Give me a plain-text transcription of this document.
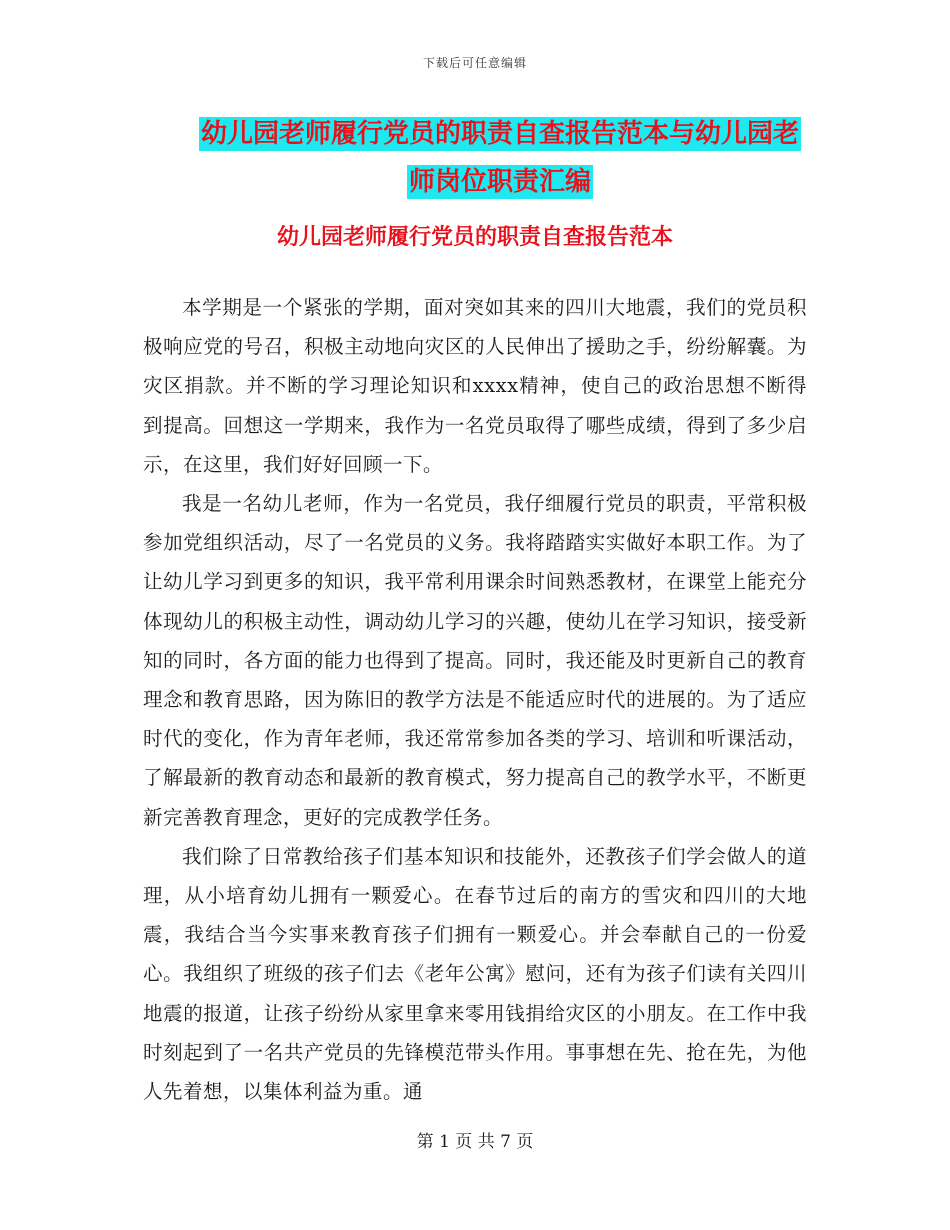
下载后可任意编辑
幼儿园老师履行党员的职责自查报告范本与幼儿园老
师岗位职责汇编
幼儿园老师履行党员的职责自查报告范本

本学期是一个紧张的学期，面对突如其来的四川大地震，我们的党员积极响应党的号召，积极主动地向灾区的人民伸出了援助之手，纷纷解囊。为灾区捐款。并不断的学习理论知识和xxxx精神，使自己的政治思想不断得到提高。回想这一学期来，我作为一名党员取得了哪些成绩，得到了多少启示，在这里，我们好好回顾一下。

我是一名幼儿老师，作为一名党员，我仔细履行党员的职责，平常积极参加党组织活动，尽了一名党员的义务。我将踏踏实实做好本职工作。为了让幼儿学习到更多的知识，我平常利用课余时间熟悉教材，在课堂上能充分体现幼儿的积极主动性，调动幼儿学习的兴趣，使幼儿在学习知识，接受新知的同时，各方面的能力也得到了提高。同时，我还能及时更新自己的教育理念和教育思路，因为陈旧的教学方法是不能适应时代的进展的。为了适应时代的变化，作为青年老师，我还常常参加各类的学习、培训和听课活动，了解最新的教育动态和最新的教育模式，努力提高自己的教学水平，不断更新完善教育理念，更好的完成教学任务。

我们除了日常教给孩子们基本知识和技能外，还教孩子们学会做人的道理，从小培育幼儿拥有一颗爱心。在春节过后的南方的雪灾和四川的大地震，我结合当今实事来教育孩子们拥有一颗爱心。并会奉献自己的一份爱心。我组织了班级的孩子们去《老年公寓》慰问，还有为孩子们读有关四川地震的报道，让孩子纷纷从家里拿来零用钱捐给灾区的小朋友。在工作中我时刻起到了一名共产党员的先锋模范带头作用。事事想在先、抢在先，为他人先着想，以集体利益为重。通

第 1 页 共 7 页
